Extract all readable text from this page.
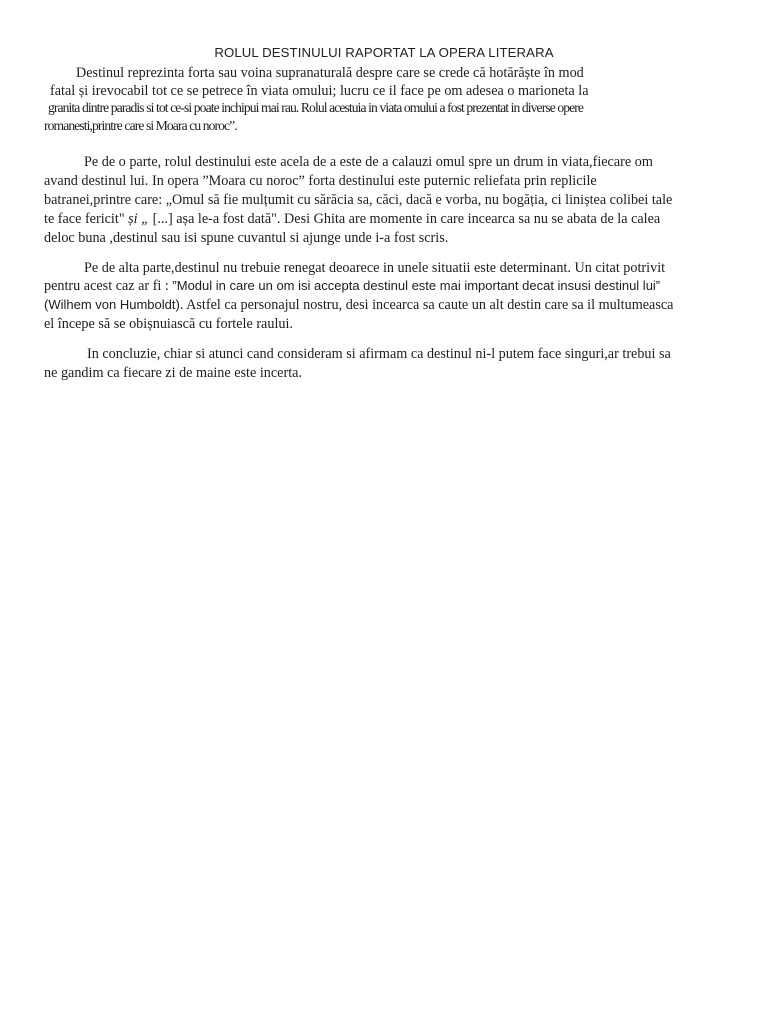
ROLUL DESTINULUI RAPORTAT LA OPERA LITERARA
Destinul reprezinta forta sau voina supranaturală despre care se crede că hotărăște în mod
fatal și irevocabil tot ce se petrece în viata omului; lucru ce il face pe om adesea o marioneta la
granita dintre paradis si tot ce-si poate inchipui mai rau. Rolul acestuia in viata omului a fost prezentat in diverse opere
romanesti,printre care si Moara cu noroc”.
Pe de o parte, rolul destinului este acela de a este de a calauzi omul spre un drum in viata,fiecare om
avand destinul lui. In opera ”Moara cu noroc” forta destinului este puternic reliefata prin replicile
batranei,printre care: „Omul să fie mulțumit cu sărăcia sa, căci, dacă e vorba, nu bogăția, ci liniștea colibei tale
te face fericit" și „ [...] așa le-a fost dată". Desi Ghita are momente in care incearca sa nu se abata de la calea
deloc buna ,destinul sau isi spune cuvantul si ajunge unde i-a fost scris.
Pe de alta parte,destinul nu trebuie renegat deoarece in unele situatii este determinant. Un citat potrivit
pentru acest caz ar fi : ”Modul in care un om isi accepta destinul este mai important decat insusi destinul lui”
(Wilhem von Humboldt). Astfel ca personajul nostru, desi incearca sa caute un alt destin care sa il multumeasca
el începe să se obișnuiască cu fortele raului.
In concluzie, chiar si atunci cand consideram si afirmam ca destinul ni-l putem face singuri,ar trebui sa
ne gandim ca fiecare zi de maine este incerta.
